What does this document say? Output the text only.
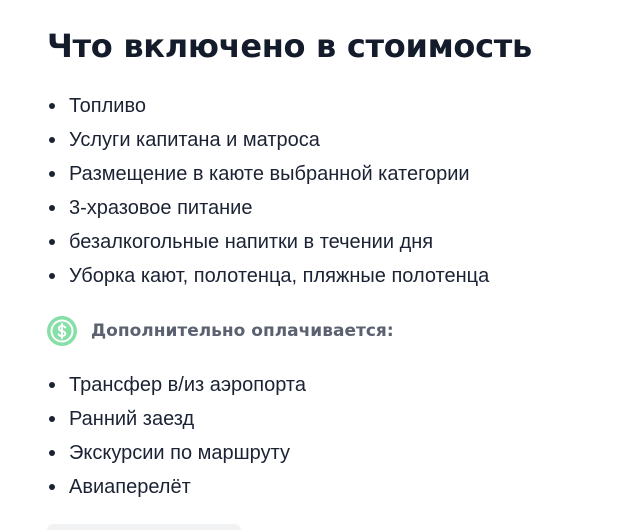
Что включено в стоимость
Топливо
Услуги капитана и матроса
Размещение в каюте выбранной категории
3-хразовое питание
безалкогольные напитки в течении дня
Уборка кают, полотенца, пляжные полотенца
Дополнительно оплачивается:
Трансфер в/из аэропорта
Ранний заезд
Экскурсии по маршруту
Авиаперелёт
